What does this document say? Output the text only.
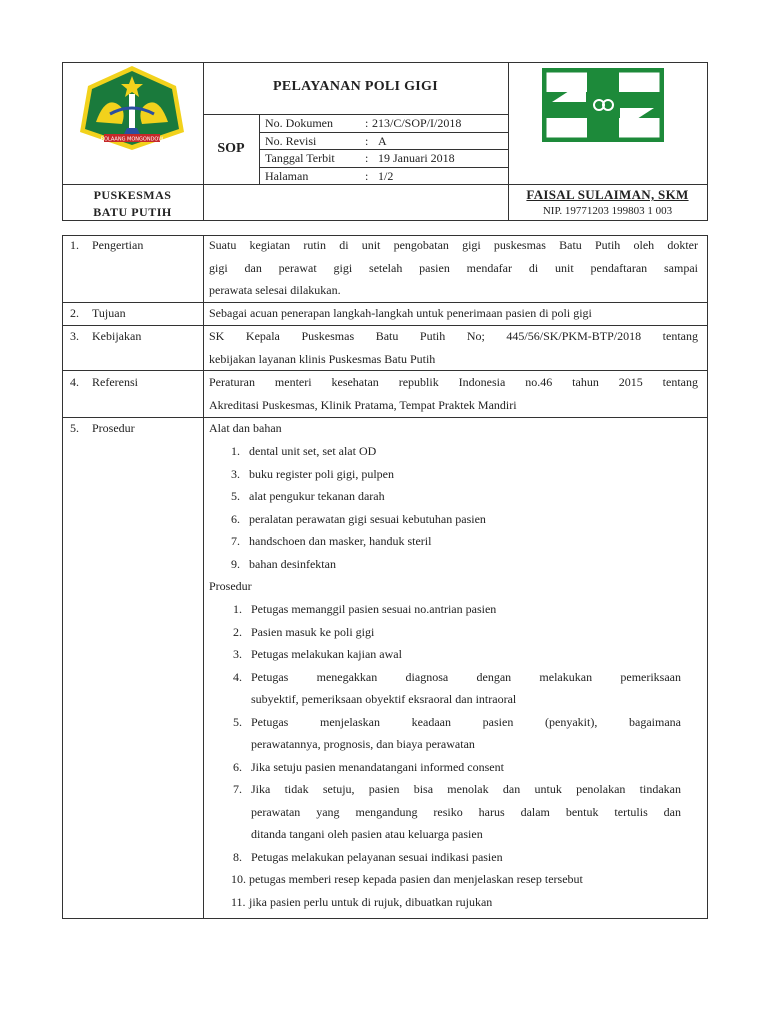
BOLAANG MONGONDOW
PELAYANAN POLI GIGI
SOP
No. Dokumen	: 213/C/SOP/I/2018
No. Revisi	: A
Tanggal Terbit	: 19 Januari 2018
Halaman	: 1/2
PUSKESMAS
BATU PUTIH
FAISAL SULAIMAN, SKM
NIP. 19771203 199803 1 003
1. Pengertian	Suatu kegiatan rutin di unit pengobatan gigi puskesmas Batu Putih oleh dokter
gigi dan perawat gigi setelah pasien mendafar di unit pendaftaran sampai
perawata selesai dilakukan.
2. Tujuan	Sebagai acuan penerapan langkah-langkah untuk penerimaan pasien di poli gigi
3. Kebijakan	SK Kepala Puskesmas Batu Putih No; 445/56/SK/PKM-BTP/2018 tentang
kebijakan layanan klinis Puskesmas Batu Putih
4. Referensi	Peraturan menteri kesehatan republik Indonesia no.46 tahun 2015 tentang
Akreditasi Puskesmas, Klinik Pratama, Tempat Praktek Mandiri
5. Prosedur	Alat dan bahan
1. dental unit set, set alat OD
3. buku register poli gigi, pulpen
5. alat pengukur tekanan darah
6. peralatan perawatan gigi sesuai kebutuhan pasien
7. handschoen dan masker, handuk steril
9. bahan desinfektan
Prosedur
1. Petugas memanggil pasien sesuai no.antrian pasien
2. Pasien masuk ke poli gigi
3. Petugas melakukan kajian awal
4. Petugas menegakkan diagnosa dengan melakukan pemeriksaan
subyektif, pemeriksaan obyektif eksraoral dan intraoral
5. Petugas menjelaskan keadaan pasien (penyakit), bagaimana
perawatannya, prognosis, dan biaya perawatan
6. Jika setuju pasien menandatangani informed consent
7. Jika tidak setuju, pasien bisa menolak dan untuk penolakan tindakan
perawatan yang mengandung resiko harus dalam bentuk tertulis dan
ditanda tangani oleh pasien atau keluarga pasien
8. Petugas melakukan pelayanan sesuai indikasi pasien
10. petugas memberi resep kepada pasien dan menjelaskan resep tersebut
11. jika pasien perlu untuk di rujuk, dibuatkan rujukan
